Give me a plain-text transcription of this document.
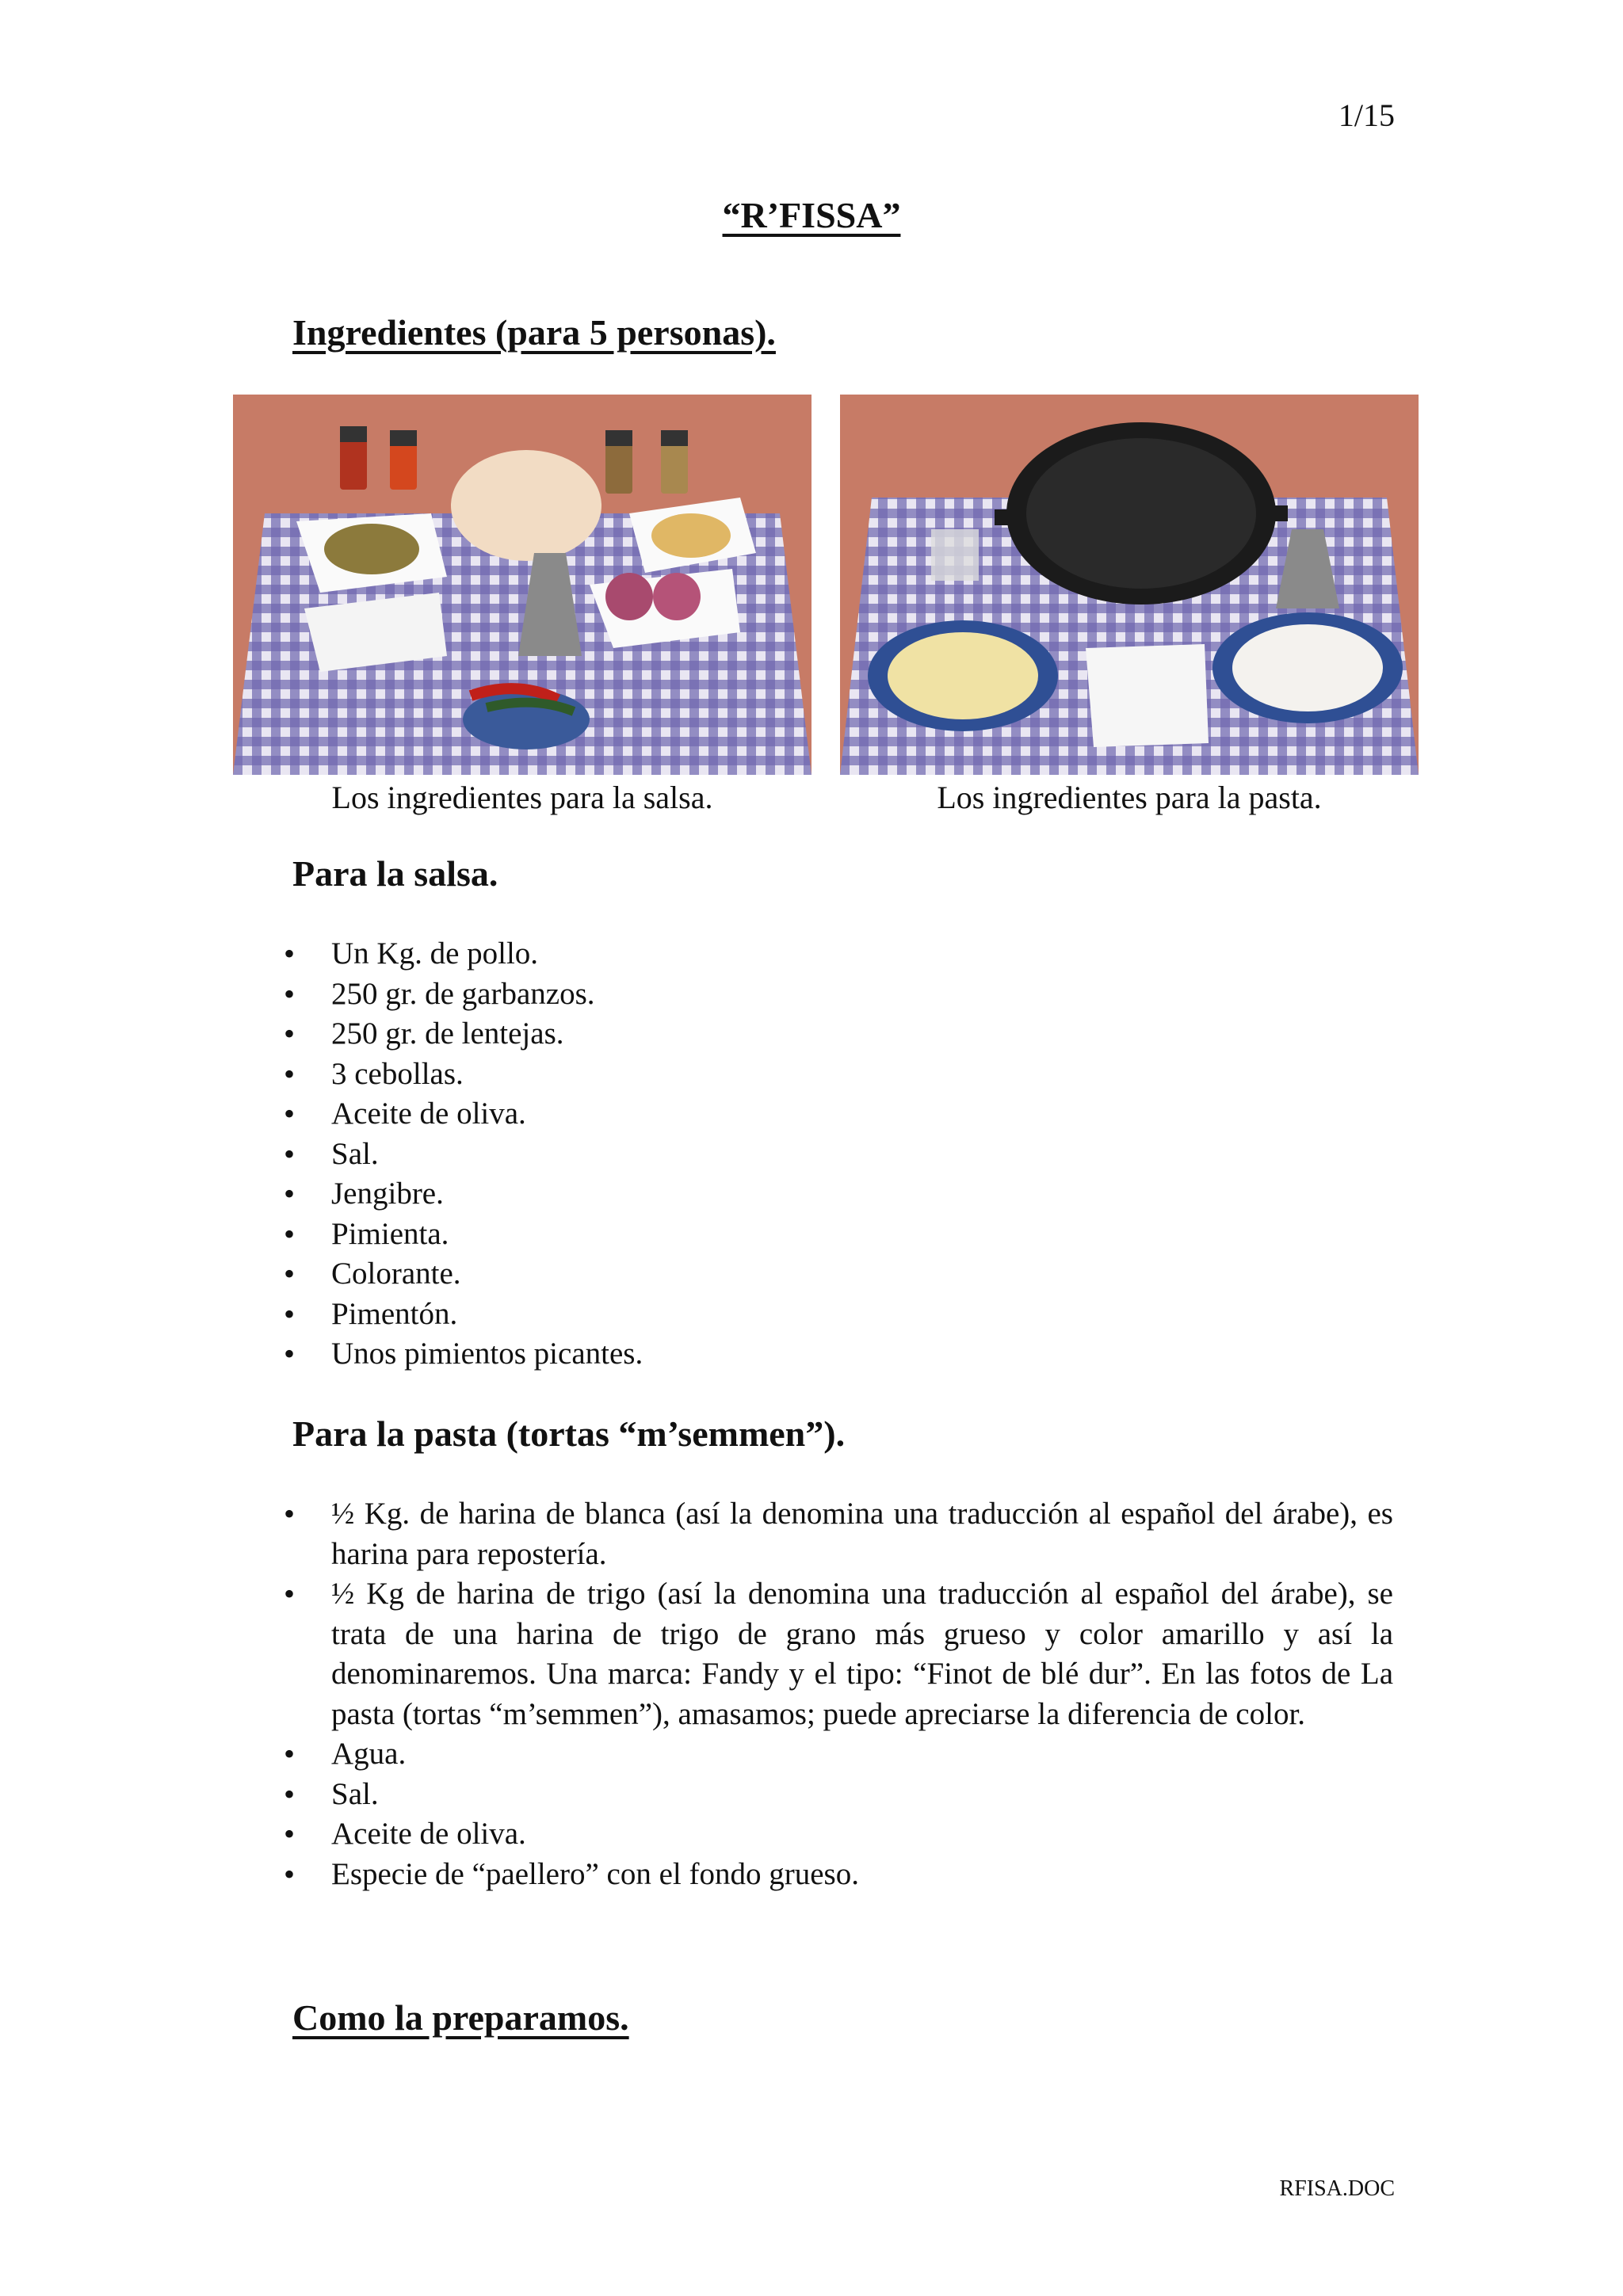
1/15
“R’FISSA”
Ingredientes (para 5 personas).
Los ingredientes para la salsa.	Los ingredientes para la pasta.
Para la salsa.
• Un Kg. de pollo.
• 250 gr. de garbanzos.
• 250 gr. de lentejas.
• 3 cebollas.
• Aceite de oliva.
• Sal.
• Jengibre.
• Pimienta.
• Colorante.
• Pimentón.
• Unos pimientos picantes.
Para la pasta (tortas “m’semmen”).
• ½ Kg. de harina de blanca (así la denomina una traducción al español del árabe), es harina para repostería.
• ½ Kg de harina de trigo (así la denomina una traducción al español del árabe), se trata de una harina de trigo de grano más grueso y color amarillo y así la denominaremos. Una marca: Fandy y el tipo: “Finot de blé dur”. En las fotos de La pasta (tortas “m’semmen”), amasamos; puede apreciarse la diferencia de color.
• Agua.
• Sal.
• Aceite de oliva.
• Especie de “paellero” con el fondo grueso.
Como la preparamos.
RFISA.DOC
